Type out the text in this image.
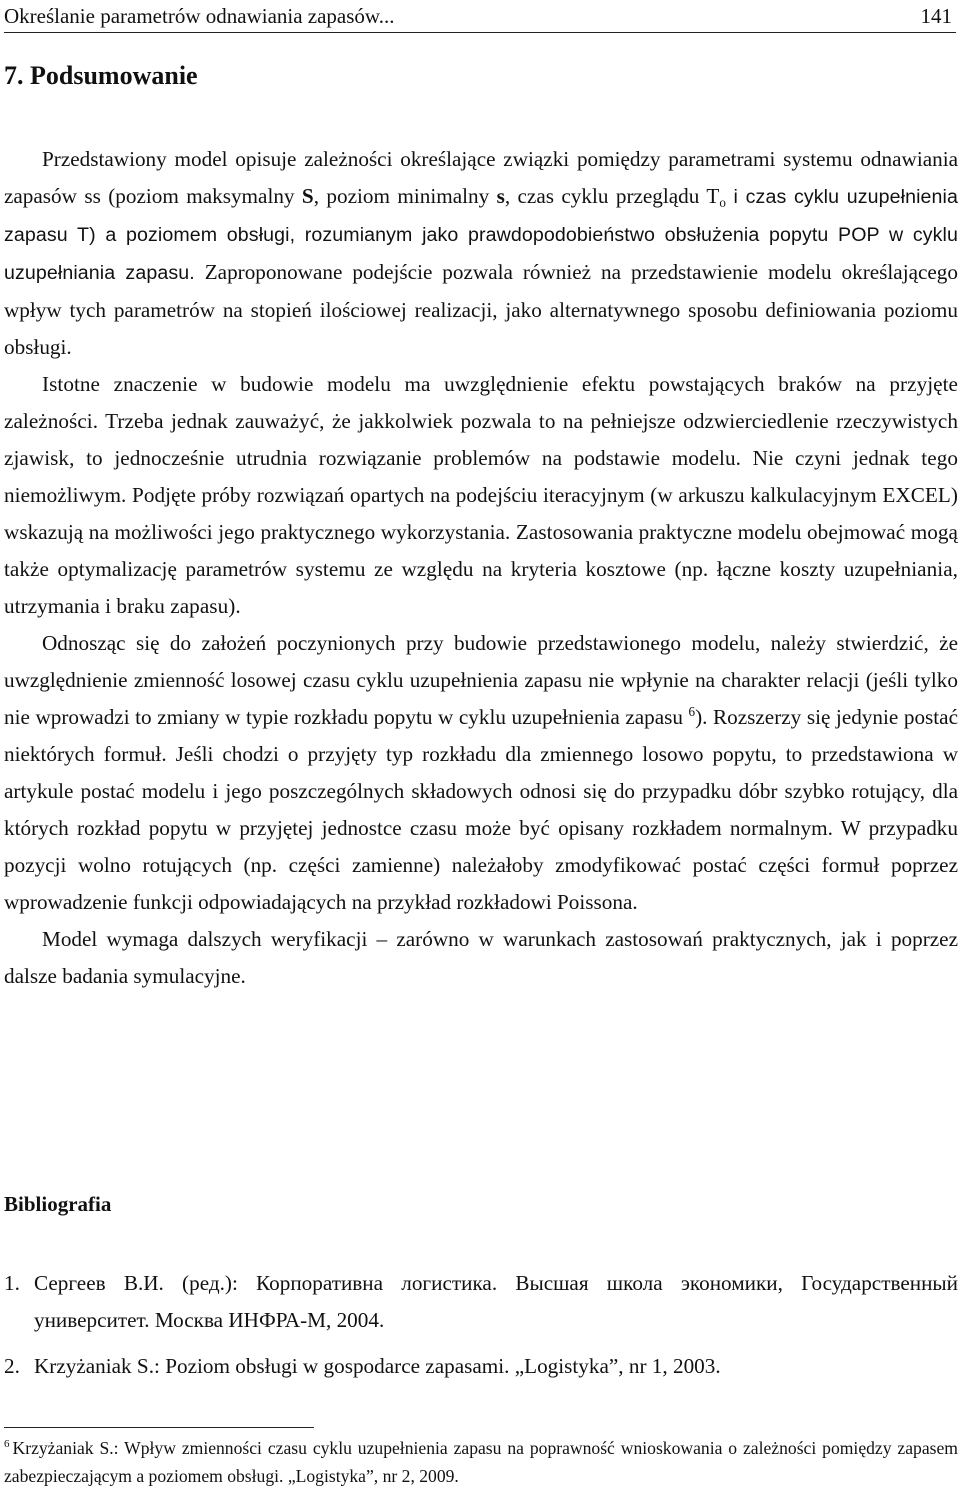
Określanie parametrów odnawiania zapasów...	141
7. Podsumowanie

Przedstawiony model opisuje zależności określające związki pomiędzy parametrami systemu odnawiania zapasów ss (poziom maksymalny S, poziom minimalny s, czas cyklu przeglądu $T_o$ i czas cyklu uzupełnienia zapasu T) a poziomem obsługi, rozumianym jako prawdopodobieństwo obsłużenia popytu POP w cyklu uzupełniania zapasu. Zaproponowane podejście pozwala również na przedstawienie modelu określającego wpływ tych parametrów na stopień ilościowej realizacji, jako alternatywnego sposobu definiowania poziomu obsługi.

Istotne znaczenie w budowie modelu ma uwzględnienie efektu powstających braków na przyjęte zależności. Trzeba jednak zauważyć, że jakkolwiek pozwala to na pełniejsze odzwierciedlenie rzeczywistych zjawisk, to jednocześnie utrudnia rozwiązanie problemów na podstawie modelu. Nie czyni jednak tego niemożliwym. Podjęte próby rozwiązań opartych na podejściu iteracyjnym (w arkuszu kalkulacyjnym EXCEL) wskazują na możliwości jego praktycznego wykorzystania. Zastosowania praktyczne modelu obejmować mogą także optymalizację parametrów systemu ze względu na kryteria kosztowe (np. łączne koszty uzupełniania, utrzymania i braku zapasu).

Odnosząc się do założeń poczynionych przy budowie przedstawionego modelu, należy stwierdzić, że uwzględnienie zmienność losowej czasu cyklu uzupełnienia zapasu nie wpłynie na charakter relacji (jeśli tylko nie wprowadzi to zmiany w typie rozkładu popytu w cyklu uzupełnienia zapasu $^6$). Rozszerzy się jedynie postać niektórych formuł. Jeśli chodzi o przyjęty typ rozkładu dla zmiennego losowo popytu, to przedstawiona w artykule postać modelu i jego poszczególnych składowych odnosi się do przypadku dóbr szybko rotujący, dla których rozkład popytu w przyjętej jednostce czasu może być opisany rozkładem normalnym. W przypadku pozycji wolno rotujących (np. części zamienne) należałoby zmodyfikować postać części formuł poprzez wprowadzenie funkcji odpowiadających na przykład rozkładowi Poissona.

Model wymaga dalszych weryfikacji – zarówno w warunkach zastosowań praktycznych, jak i poprzez dalsze badania symulacyjne.

Bibliografia
1. Сергеев В.И. (ред.): Корпоративна логистика. Высшая школа экономики, Государственный университет. Москва ИНФРА-М, 2004.
2. Krzyżaniak S.: Poziom obsługi w gospodarce zapasami. „Logistyka”, nr 1, 2003.
$^6$ Krzyżaniak S.: Wpływ zmienności czasu cyklu uzupełnienia zapasu na poprawność wnioskowania o zależności pomiędzy zapasem zabezpieczającym a poziomem obsługi. „Logistyka”, nr 2, 2009.
